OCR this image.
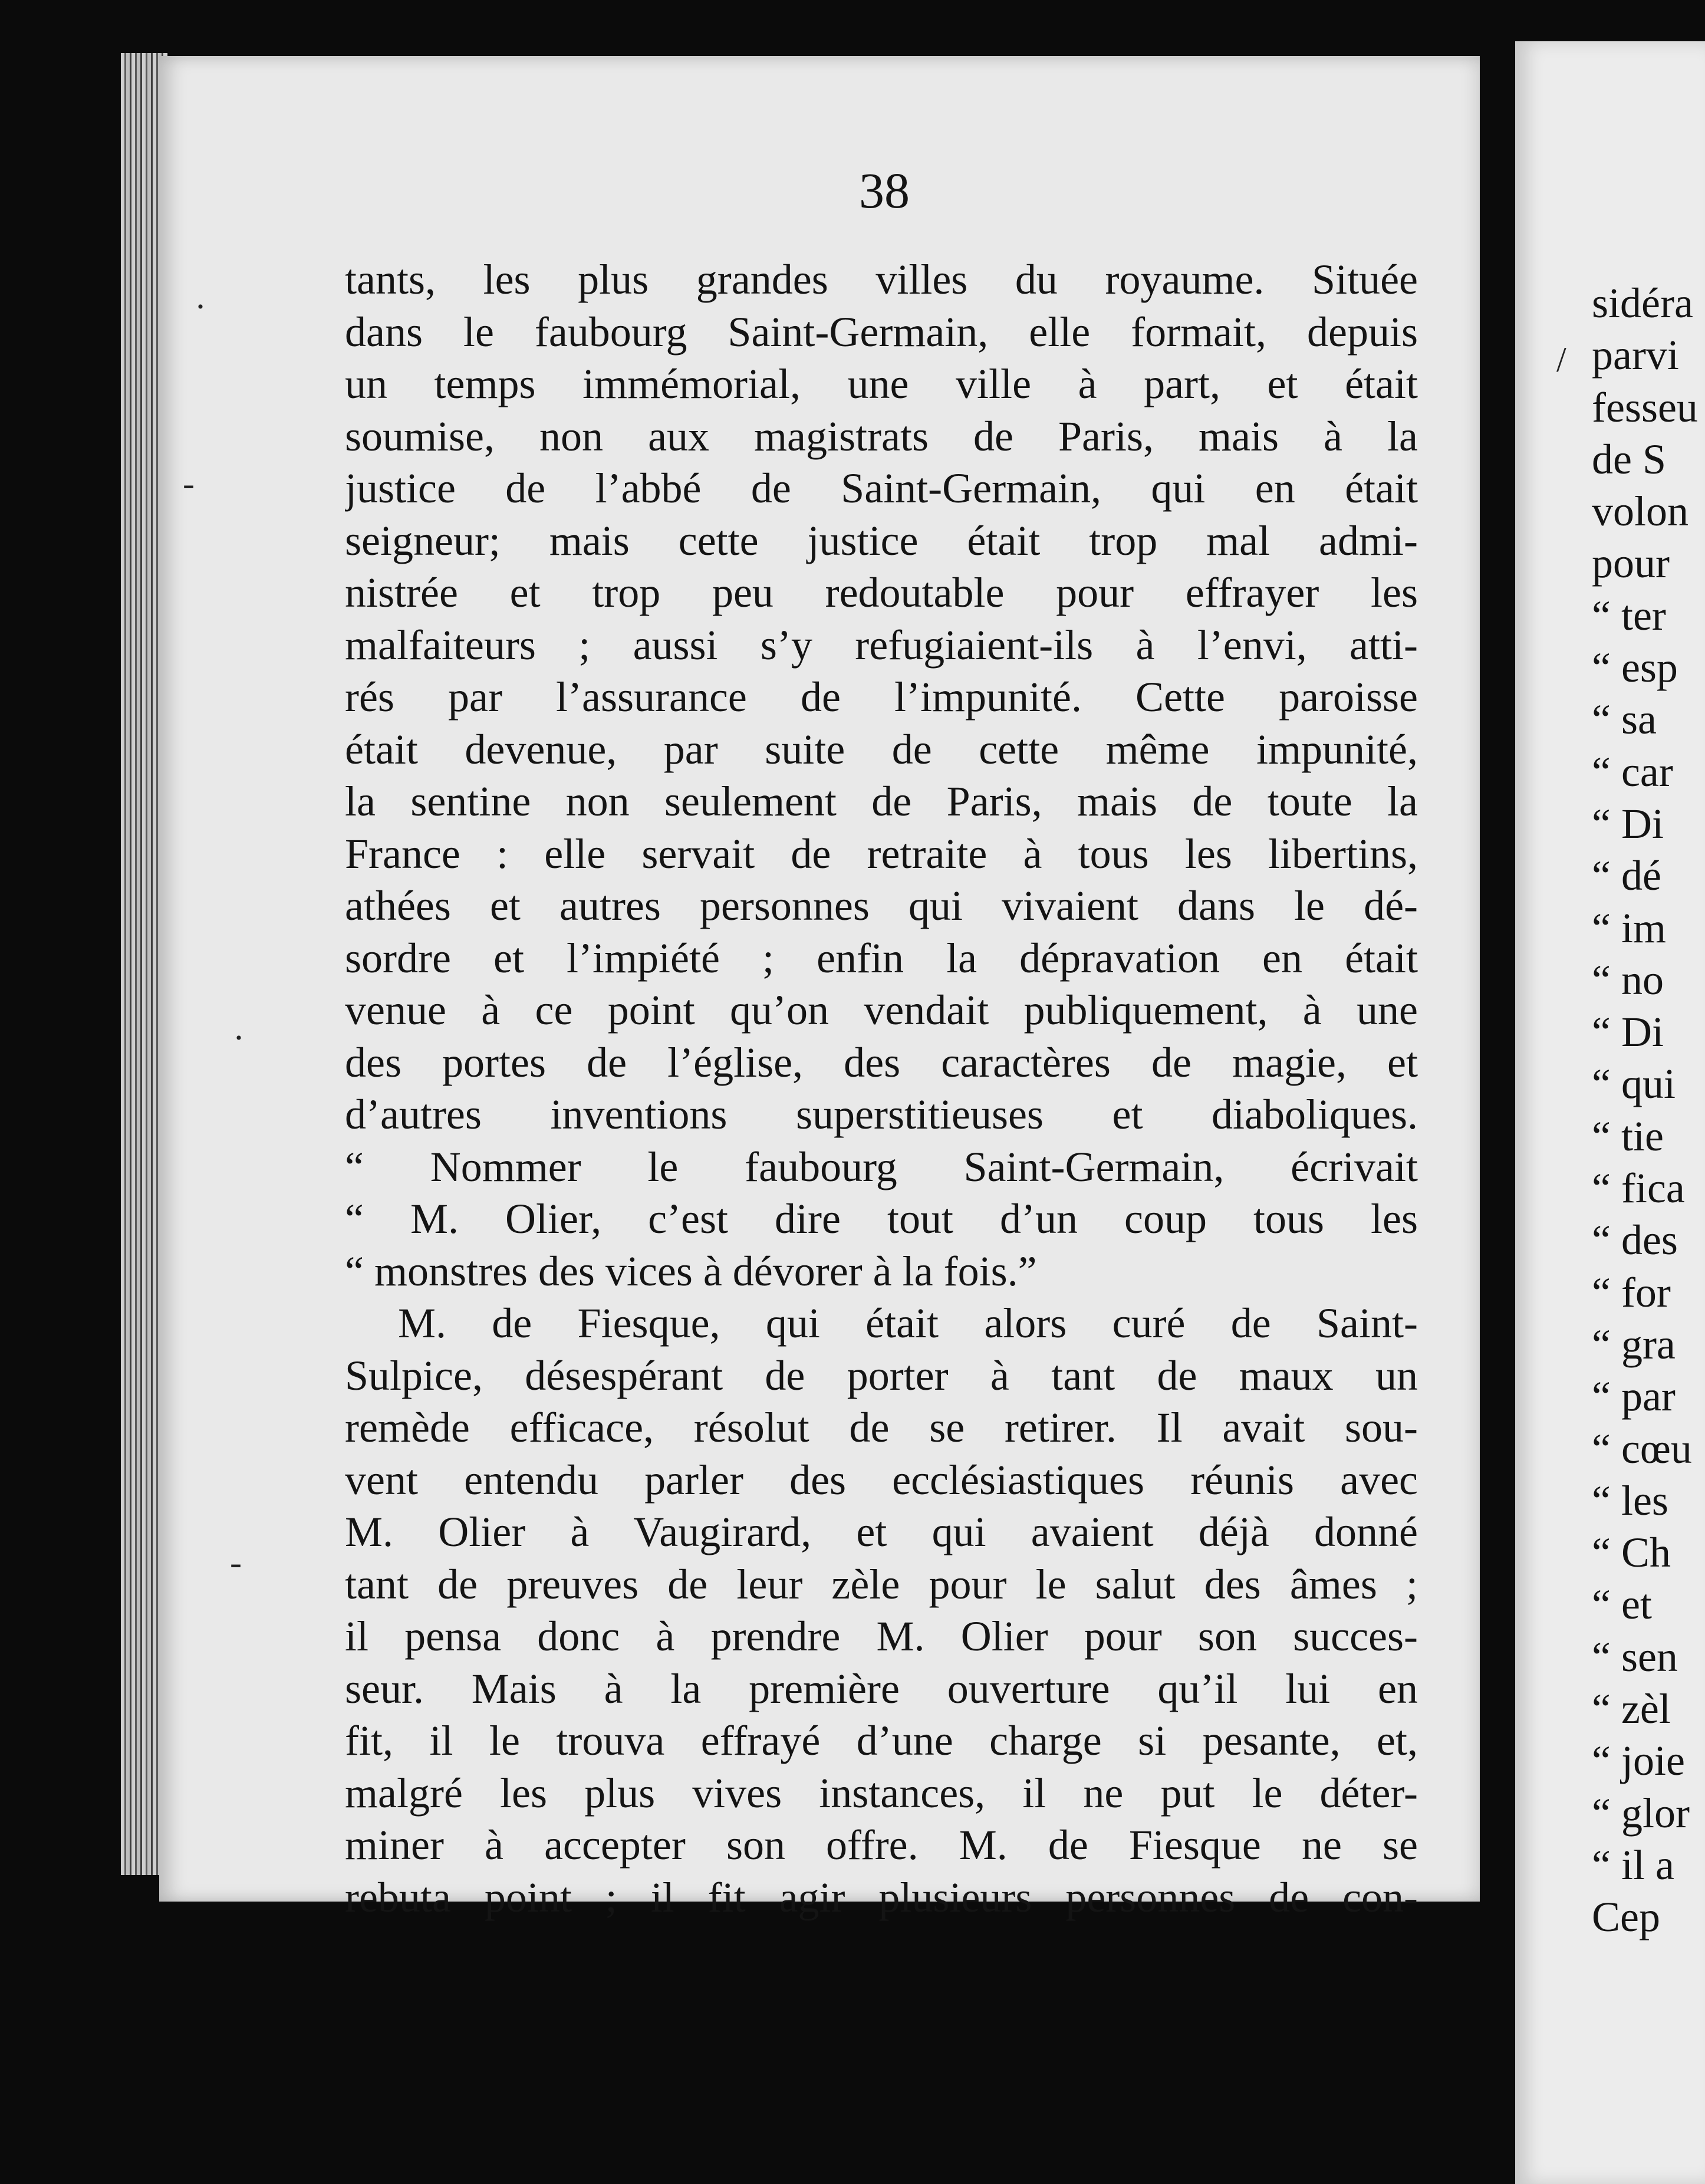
38
tants, les plus grandes villes du royaume. Située
dans le faubourg Saint-Germain, elle formait, depuis
un temps immémorial, une ville à part, et était
soumise, non aux magistrats de Paris, mais à la
justice de l’abbé de Saint-Germain, qui en était
seigneur; mais cette justice était trop mal admi-
nistrée et trop peu redoutable pour effrayer les
malfaiteurs ; aussi s’y refugiaient-ils à l’envi, atti-
rés par l’assurance de l’impunité. Cette paroisse
était devenue, par suite de cette même impunité,
la sentine non seulement de Paris, mais de toute la
France : elle servait de retraite à tous les libertins,
athées et autres personnes qui vivaient dans le dé-
sordre et l’impiété ; enfin la dépravation en était
venue à ce point qu’on vendait publiquement, à une
des portes de l’église, des caractères de magie, et
d’autres inventions superstitieuses et diaboliques.
“ Nommer le faubourg Saint-Germain, écrivait
“ M. Olier, c’est dire tout d’un coup tous les
“ monstres des vices à dévorer à la fois.”
M. de Fiesque, qui était alors curé de Saint-
Sulpice, désespérant de porter à tant de maux un
remède efficace, résolut de se retirer. Il avait sou-
vent entendu parler des ecclésiastiques réunis avec
M. Olier à Vaugirard, et qui avaient déjà donné
tant de preuves de leur zèle pour le salut des âmes ;
il pensa donc à prendre M. Olier pour son succes-
seur. Mais à la première ouverture qu’il lui en
fit, il le trouva effrayé d’une charge si pesante, et,
malgré les plus vives instances, il ne put le déter-
miner à accepter son offre. M. de Fiesque ne se
rebuta point ; il fit agir plusieurs personnes de con-
sidéra
parvi
fesseu
de S
volon
pour
“ ter
“ esp
“ sa
“ car
“ Di
“ dé
“ im
“ no
“ Di
“ qui
“ tie
“ fica
“ des
“ for
“ gra
“ par
“ cœu
“ les
“ Ch
“ et
“ sen
“ zèl
“ joie
“ glor
“ il a
Cep
·
-
·
-
/
